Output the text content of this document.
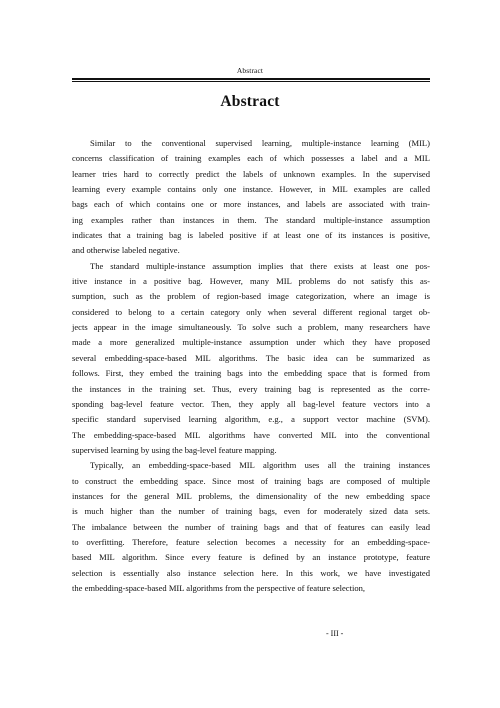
Abstract
Abstract

Similar to the conventional supervised learning, multiple-instance learning (MIL)
concerns classification of training examples each of which possesses a label and a MIL
learner tries hard to correctly predict the labels of unknown examples. In the supervised
learning every example contains only one instance. However, in MIL examples are called
bags each of which contains one or more instances, and labels are associated with train-
ing examples rather than instances in them. The standard multiple-instance assumption
indicates that a training bag is labeled positive if at least one of its instances is positive,
and otherwise labeled negative.

The standard multiple-instance assumption implies that there exists at least one pos-
itive instance in a positive bag. However, many MIL problems do not satisfy this as-
sumption, such as the problem of region-based image categorization, where an image is
considered to belong to a certain category only when several different regional target ob-
jects appear in the image simultaneously. To solve such a problem, many researchers have
made a more generalized multiple-instance assumption under which they have proposed
several embedding-space-based MIL algorithms. The basic idea can be summarized as
follows. First, they embed the training bags into the embedding space that is formed from
the instances in the training set. Thus, every training bag is represented as the corre-
sponding bag-level feature vector. Then, they apply all bag-level feature vectors into a
specific standard supervised learning algorithm, e.g., a support vector machine (SVM).
The embedding-space-based MIL algorithms have converted MIL into the conventional
supervised learning by using the bag-level feature mapping.

Typically, an embedding-space-based MIL algorithm uses all the training instances
to construct the embedding space. Since most of training bags are composed of multiple
instances for the general MIL problems, the dimensionality of the new embedding space
is much higher than the number of training bags, even for moderately sized data sets.
The imbalance between the number of training bags and that of features can easily lead
to overfitting. Therefore, feature selection becomes a necessity for an embedding-space-
based MIL algorithm. Since every feature is defined by an instance prototype, feature
selection is essentially also instance selection here. In this work, we have investigated
the embedding-space-based MIL algorithms from the perspective of feature selection,

- III -
